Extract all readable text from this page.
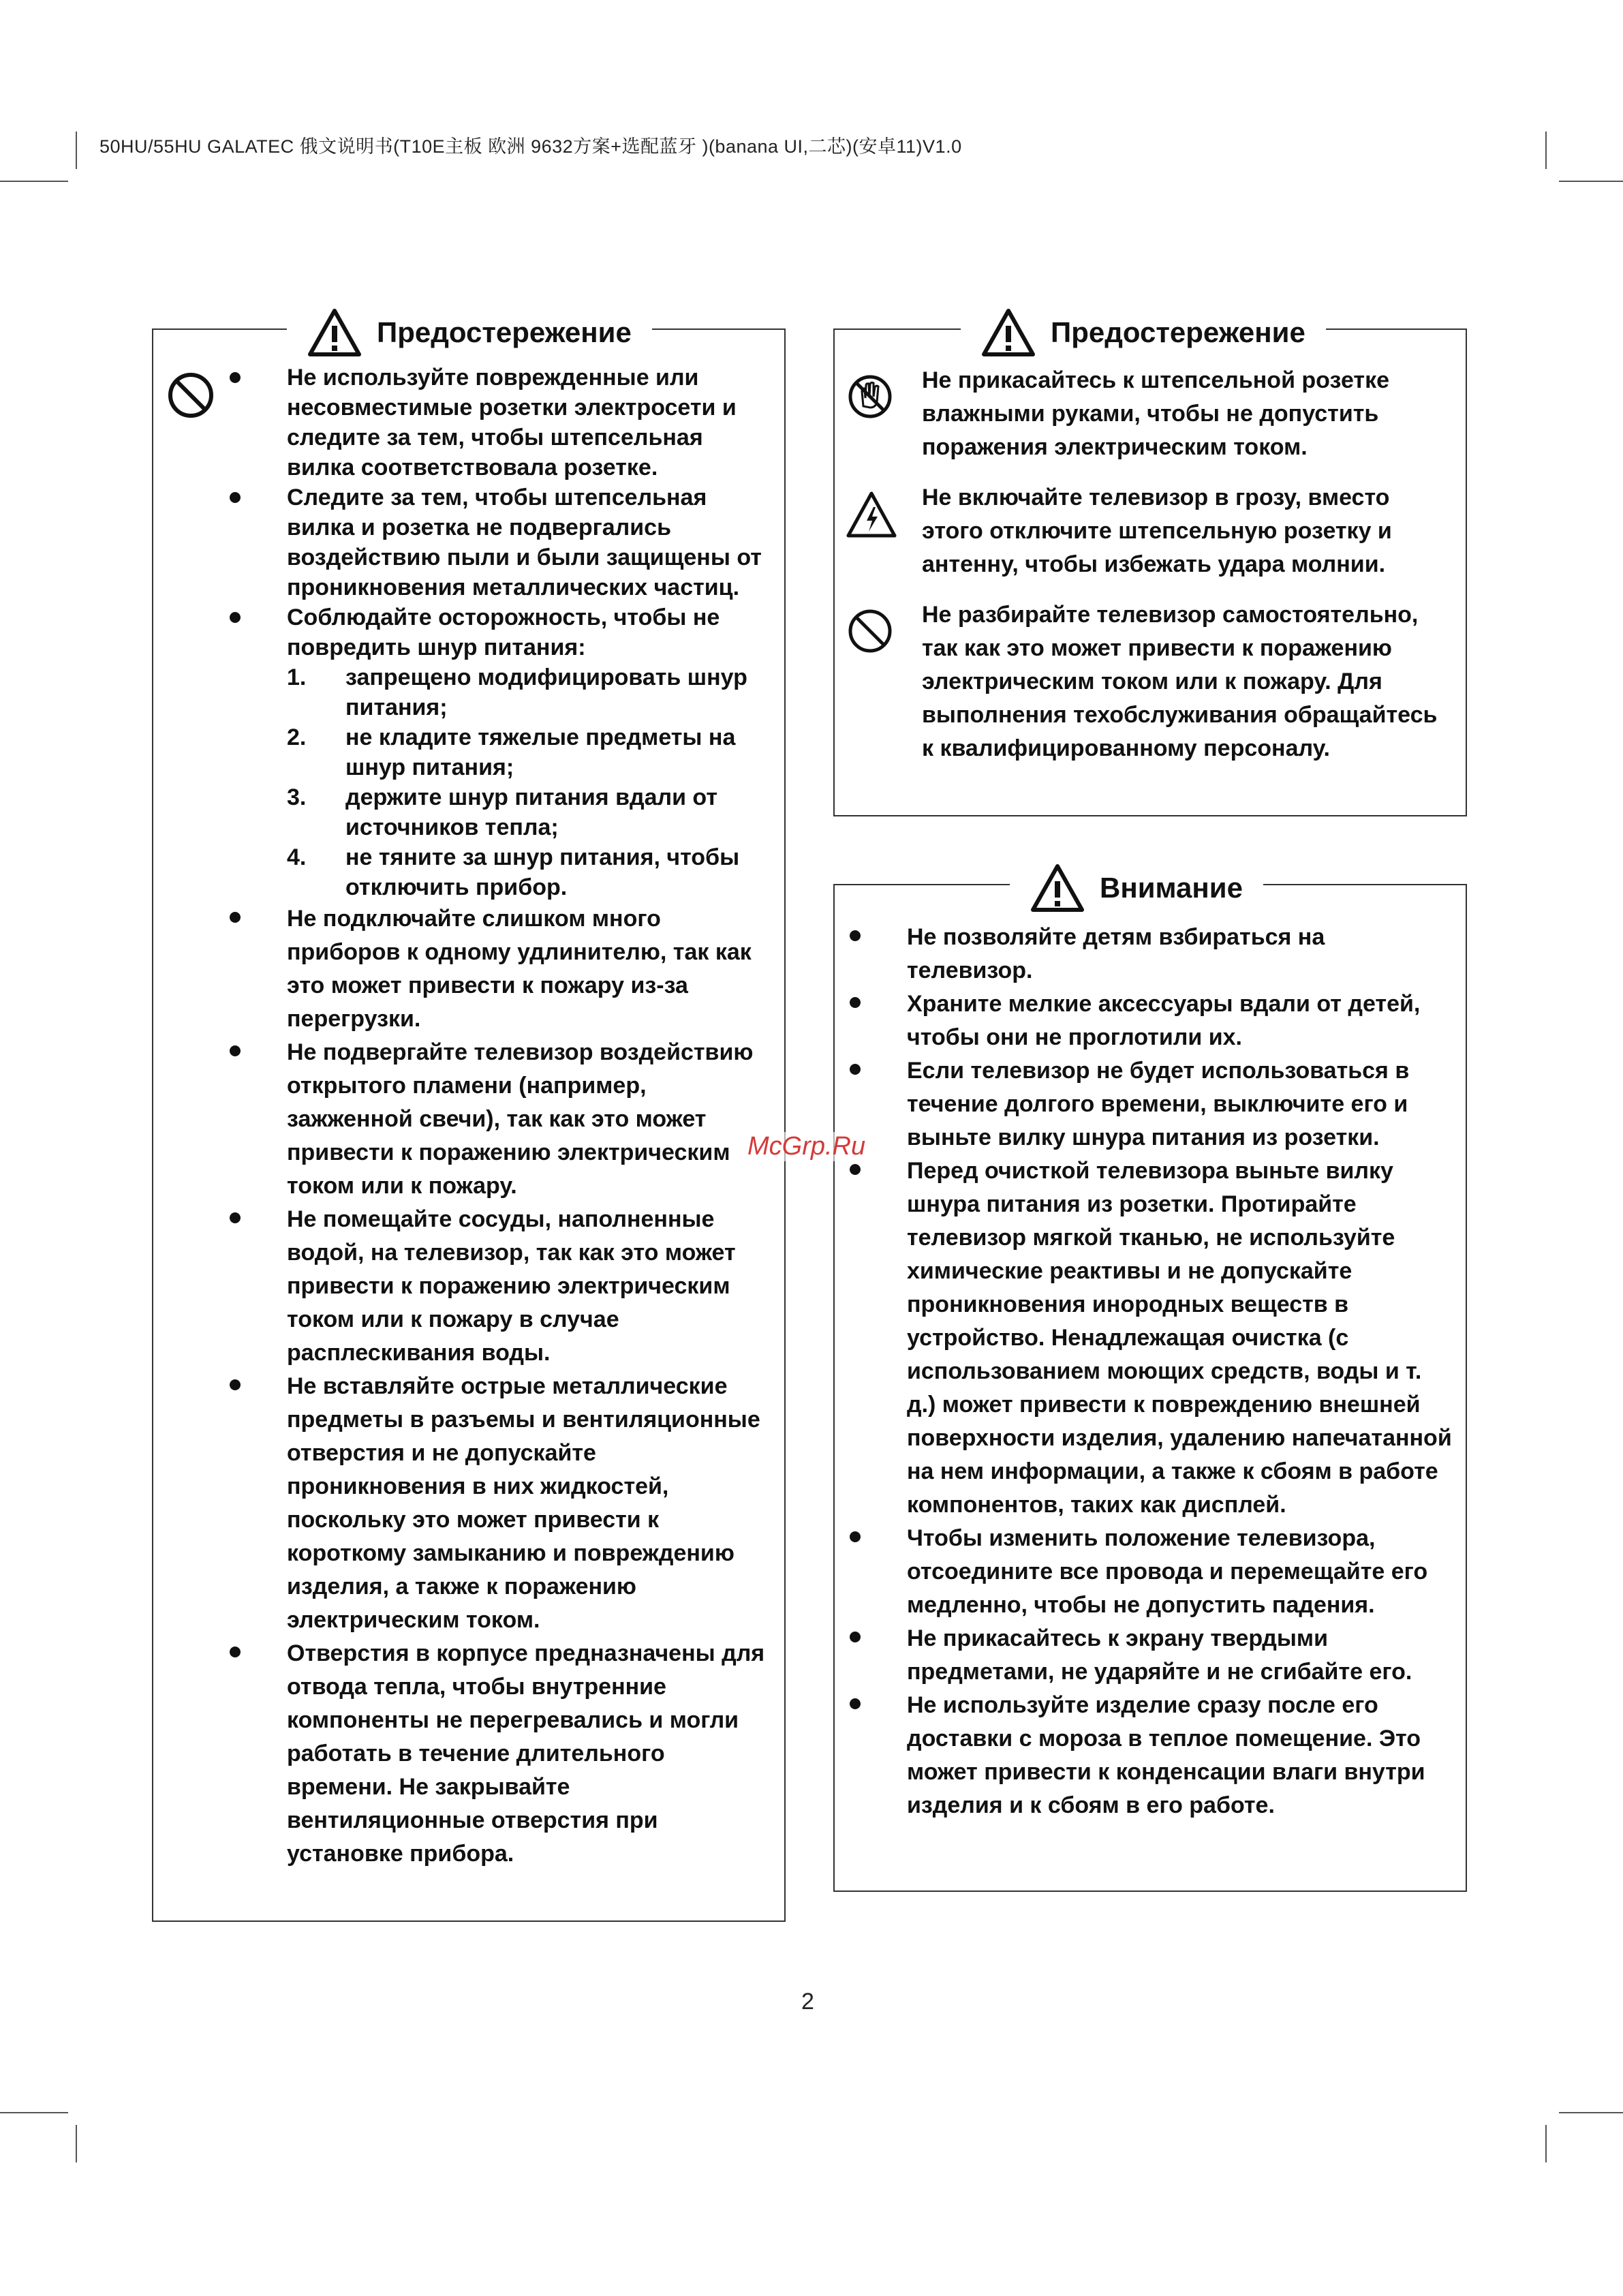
50HU/55HU GALATEC 俄文说明书(T10E主板 欧洲 9632方案+选配蓝牙 )(banana UI,二芯)(安卓11)V1.0
Предостережение
Не используйте поврежденные или несовместимые розетки электросети и следите за тем, чтобы штепсельная вилка соответствовала розетке.
Следите за тем, чтобы штепсельная вилка и розетка не подвергались воздействию пыли и были защищены от проникновения металлических частиц.
Соблюдайте осторожность, чтобы не повредить шнур питания:
1. запрещено модифицировать шнур питания;
2. не кладите тяжелые предметы на шнур питания;
3. держите шнур питания вдали от источников тепла;
4. не тяните за шнур питания, чтобы отключить прибор.
Не подключайте слишком много приборов к одному удлинителю, так как это может привести к пожару из-за перегрузки.
Не подвергайте телевизор воздействию открытого пламени (например, зажженной свечи), так как это может привести к поражению электрическим током или к пожару.
Не помещайте сосуды, наполненные водой, на телевизор, так как это может привести к поражению электрическим током или к пожару в случае расплескивания воды.
Не вставляйте острые металлические предметы в разъемы и вентиляционные отверстия и не допускайте проникновения в них жидкостей, поскольку это может привести к короткому замыканию и повреждению изделия, а также к поражению электрическим током.
Отверстия в корпусе предназначены для отвода тепла, чтобы внутренние компоненты не перегревались и могли работать в течение длительного времени. Не закрывайте вентиляционные отверстия при установке прибора.
Предостережение
Не прикасайтесь к штепсельной розетке влажными руками, чтобы не допустить поражения электрическим током.
Не включайте телевизор в грозу, вместо этого отключите штепсельную розетку и антенну, чтобы избежать удара молнии.
Не разбирайте телевизор самостоятельно, так как это может привести к поражению электрическим током или к пожару. Для выполнения техобслуживания обращайтесь к квалифицированному персоналу.
Внимание
Не позволяйте детям взбираться на телевизор.
Храните мелкие аксессуары вдали от детей, чтобы они не проглотили их.
Если телевизор не будет использоваться в течение долгого времени, выключите его и выньте вилку шнура питания из розетки.
Перед очисткой телевизора выньте вилку шнура питания из розетки. Протирайте телевизор мягкой тканью, не используйте химические реактивы и не допускайте проникновения инородных веществ в устройство. Ненадлежащая очистка (с использованием моющих средств, воды и т. д.) может привести к повреждению внешней поверхности изделия, удалению напечатанной на нем информации, а также к сбоям в работе компонентов, таких как дисплей.
Чтобы изменить положение телевизора, отсоедините все провода и перемещайте его медленно, чтобы не допустить падения.
Не прикасайтесь к экрану твердыми предметами, не ударяйте и не сгибайте его.
Не используйте изделие сразу после его доставки с мороза в теплое помещение. Это может привести к конденсации влаги внутри изделия и к сбоям в его работе.
McGrp.Ru
2
